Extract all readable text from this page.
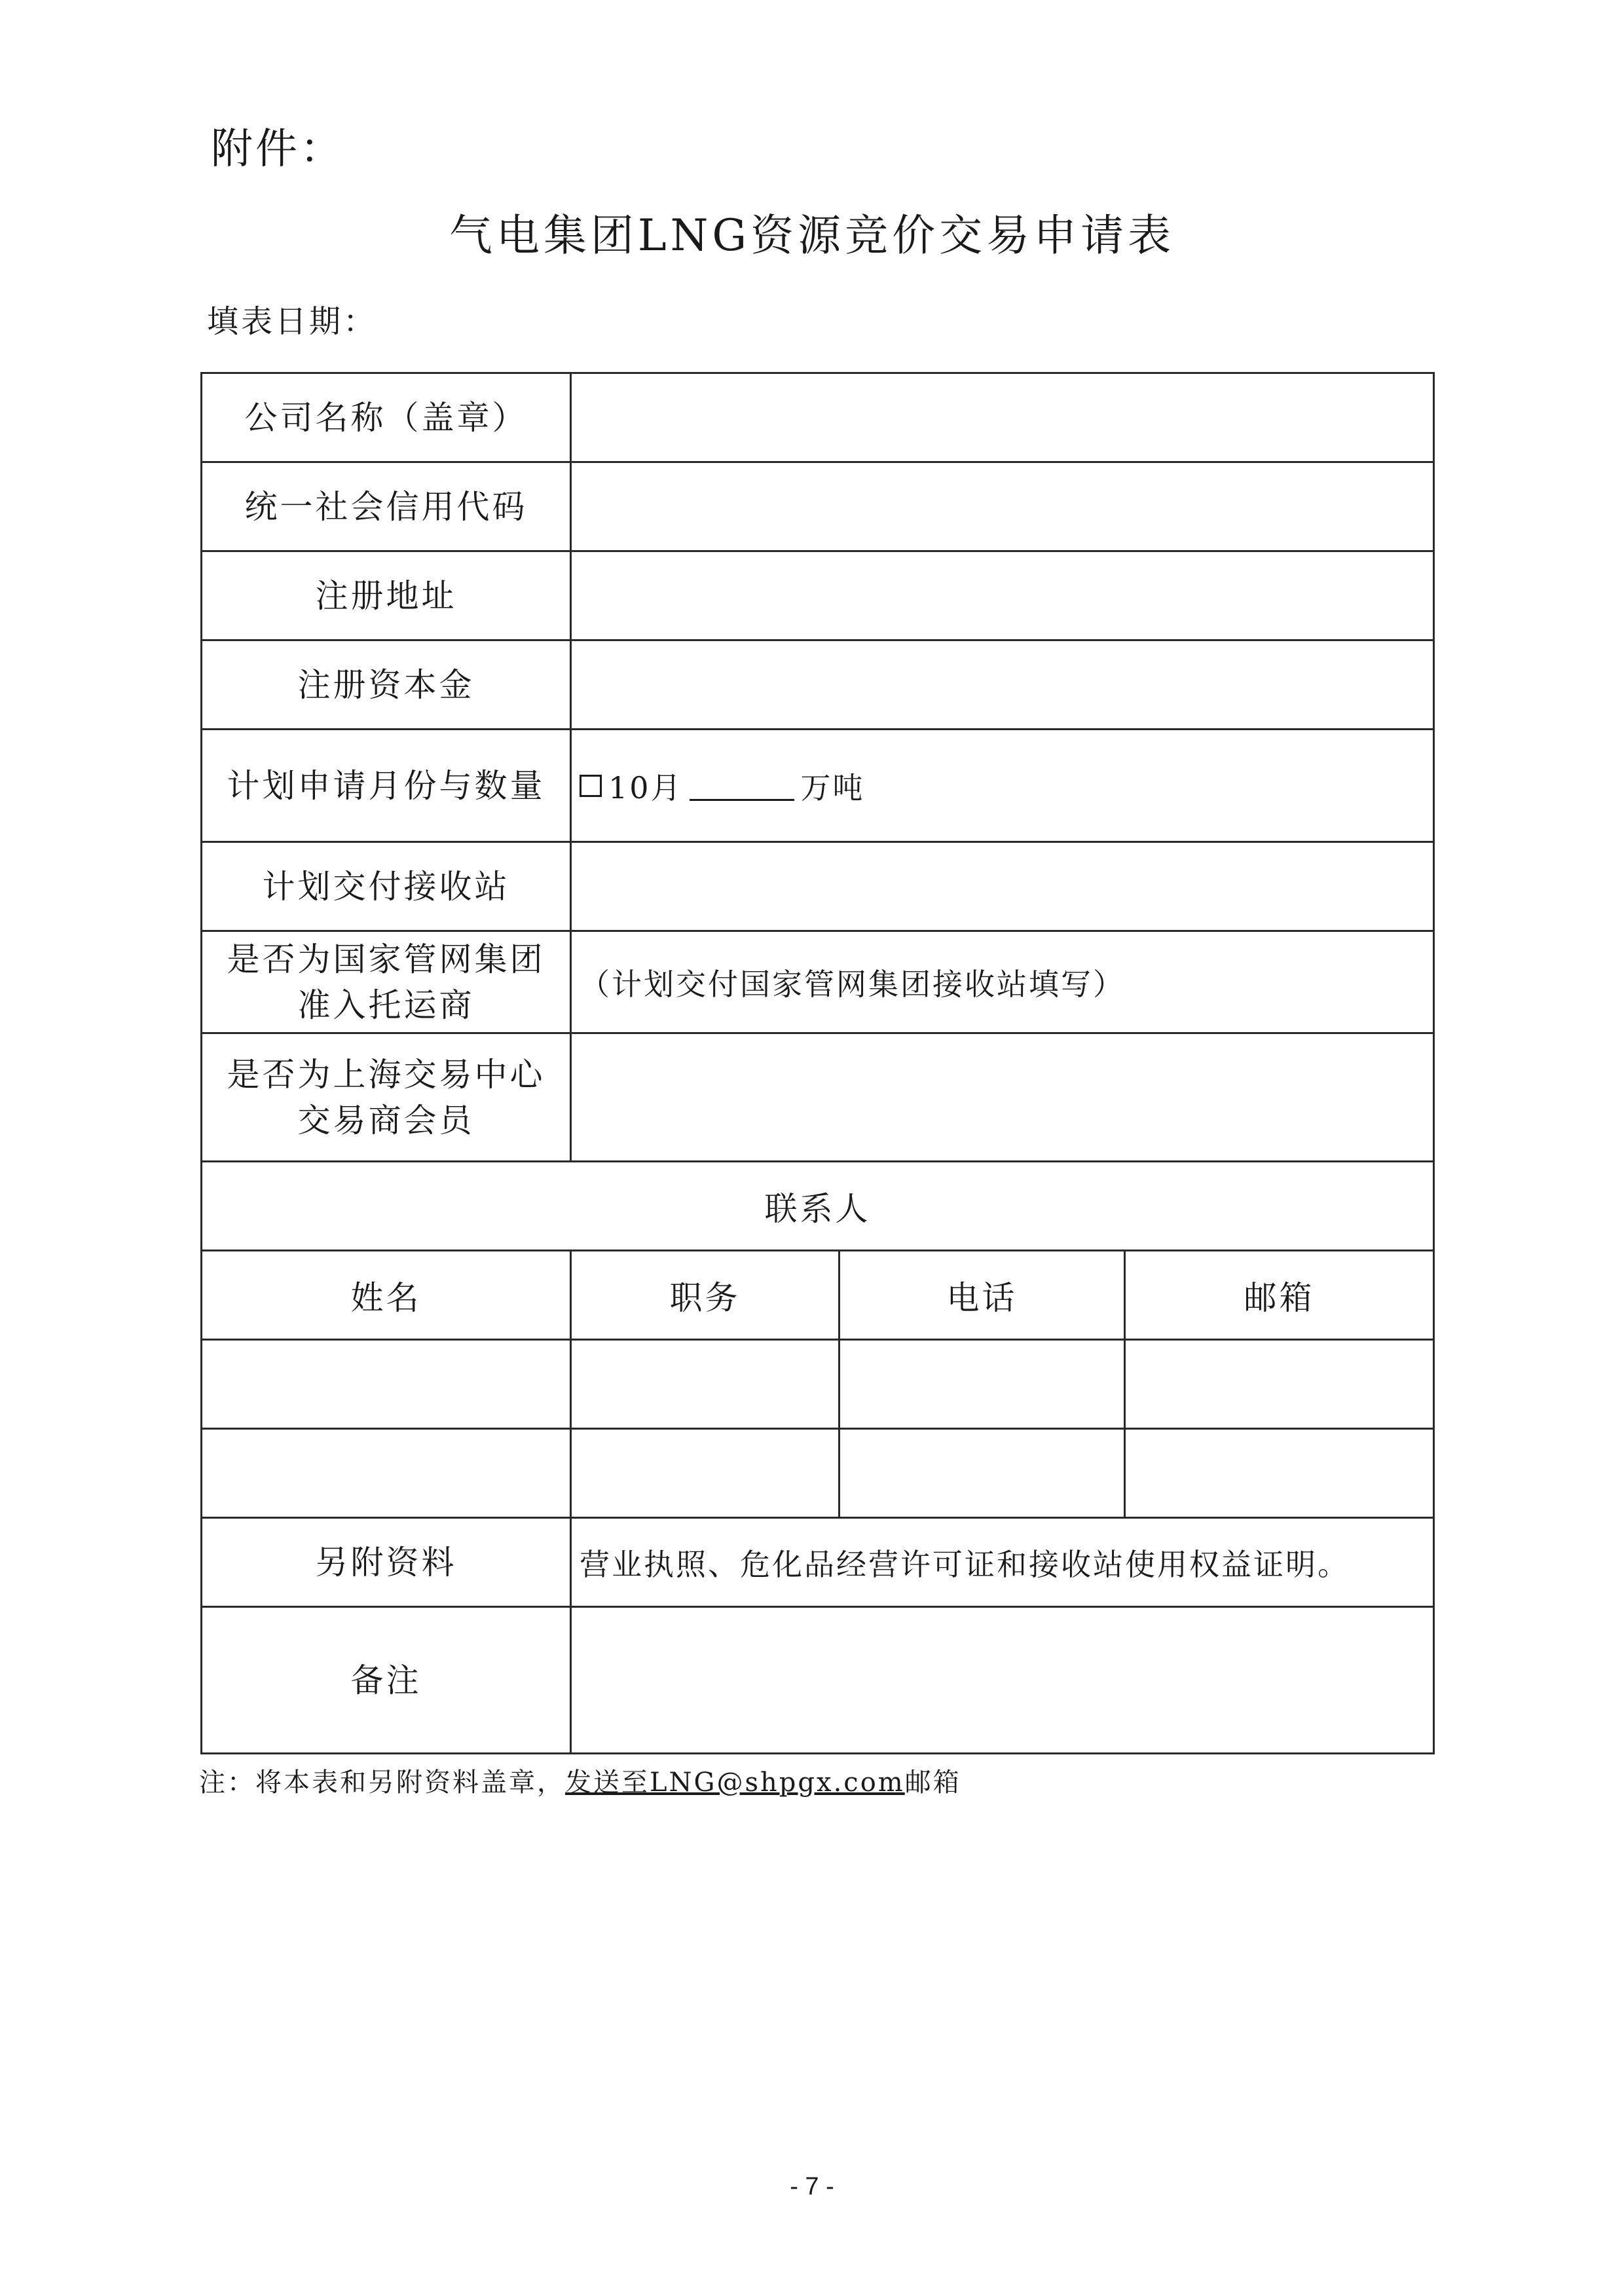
附件：
气电集团LNG资源竞价交易申请表
填表日期：
公司名称（盖章）			
统一社会信用代码			
注册地址			
注册资本金			
计划申请月份与数量	10月 万吨		

计划交付接收站			

是否为国家管网集团
准入托运商	（计划交付国家管网集团接收站填写）		

是否为上海交易中心
交易商会员			

联系人			
姓名	职务	电话	邮箱

另附资料	营业执照、危化品经营许可证和接收站使用权益证明。		
备注			
注：将本表和另附资料盖章，发送至LNG@shpgx.com邮箱
- 7 -
